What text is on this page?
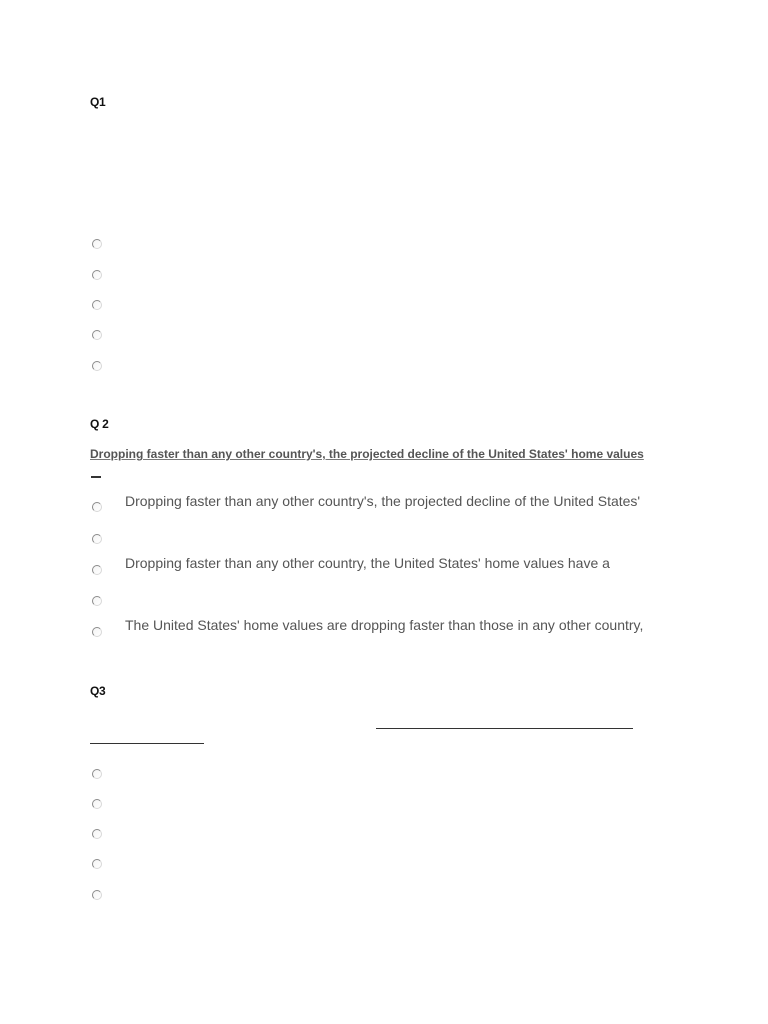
Q1
Q 2
Dropping faster than any other country's, the projected decline of the United States' home values
Dropping faster than any other country's, the projected decline of the United States'
Dropping faster than any other country, the United States' home values have a
The United States' home values are dropping faster than those in any other country,
Q3
